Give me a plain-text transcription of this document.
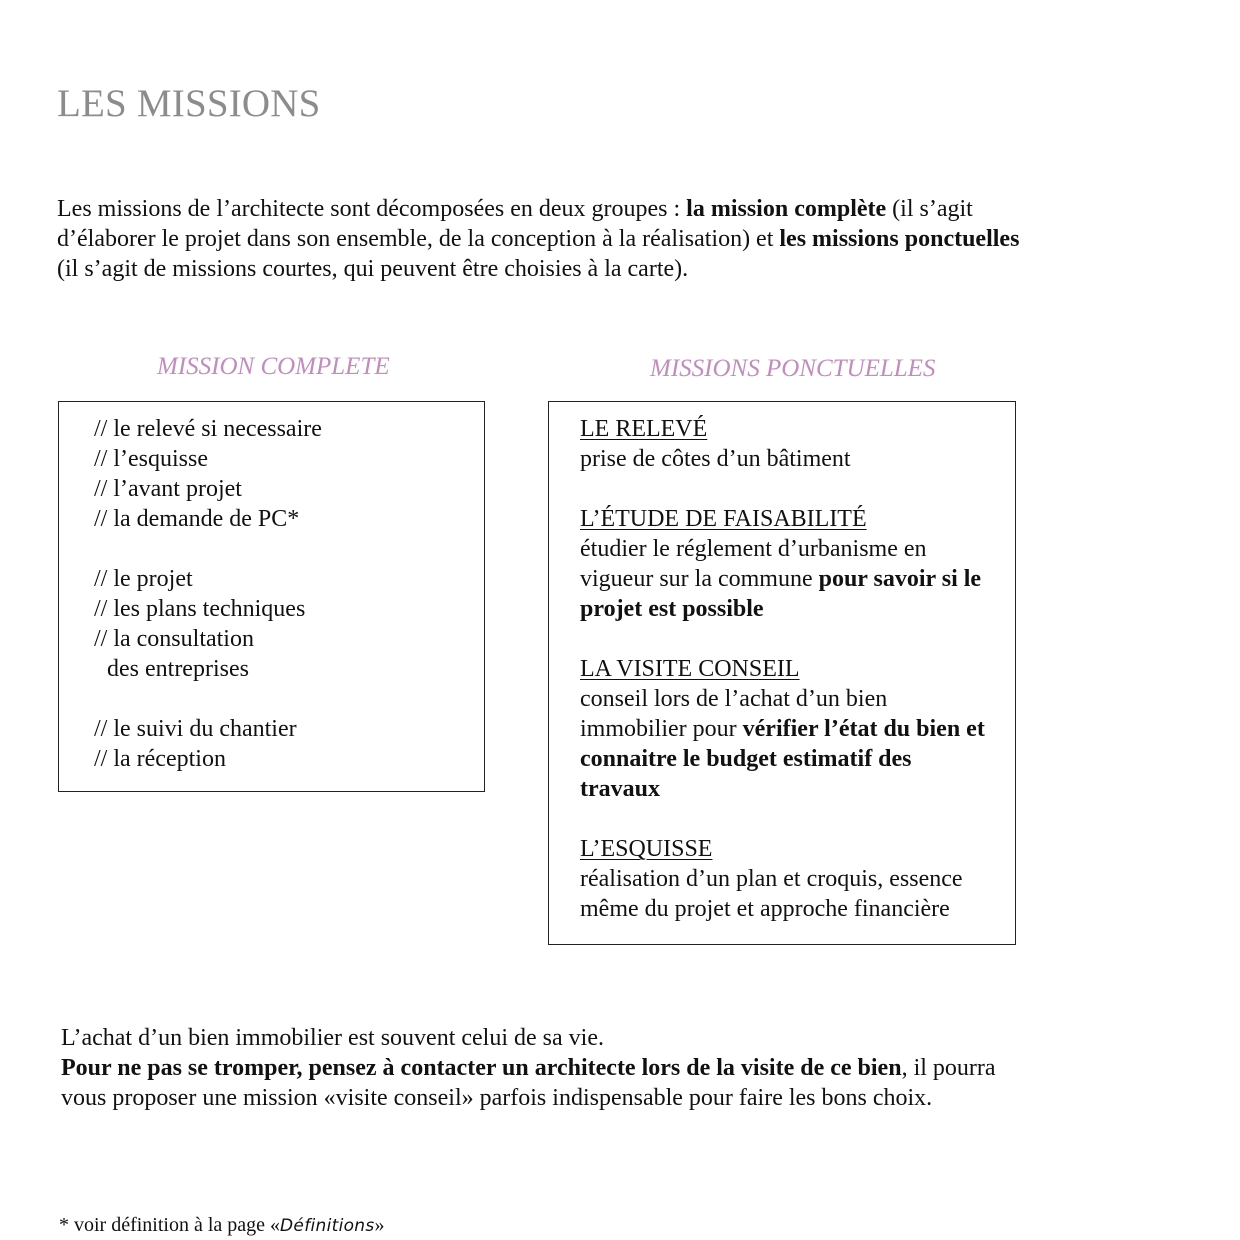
LES MISSIONS

Les missions de l’architecte sont décomposées en deux groupes : la mission complète (il s’agit d’élaborer le projet dans son ensemble, de la conception à la réalisation) et les missions ponctuelles (il s’agit de missions courtes, qui peuvent être choisies à la carte).

MISSION COMPLETE	MISSIONS PONCTUELLES
// le relevé si necessaire
// l’esquisse
// l’avant projet
// la demande de PC*
// le projet
// les plans techniques
// la consultation
des entreprises
// le suivi du chantier
// la réception
LE RELEVÉ

prise de côtes d’un bâtiment

L’ÉTUDE DE FAISABILITÉ

étudier le réglement d’urbanisme en vigueur sur la commune pour savoir si le projet est possible

LA VISITE CONSEIL

conseil lors de l’achat d’un bien immobilier pour vérifier l’état du bien et connaitre le budget estimatif des travaux

L’ESQUISSE

réalisation d’un plan et croquis, essence même du projet et approche financière

L’achat d’un bien immobilier est souvent celui de sa vie.

Pour ne pas se tromper, pensez à contacter un architecte lors de la visite de ce bien, il pourra vous proposer une mission «visite conseil» parfois indispensable pour faire les bons choix.

* voir définition à la page «Définitions»
